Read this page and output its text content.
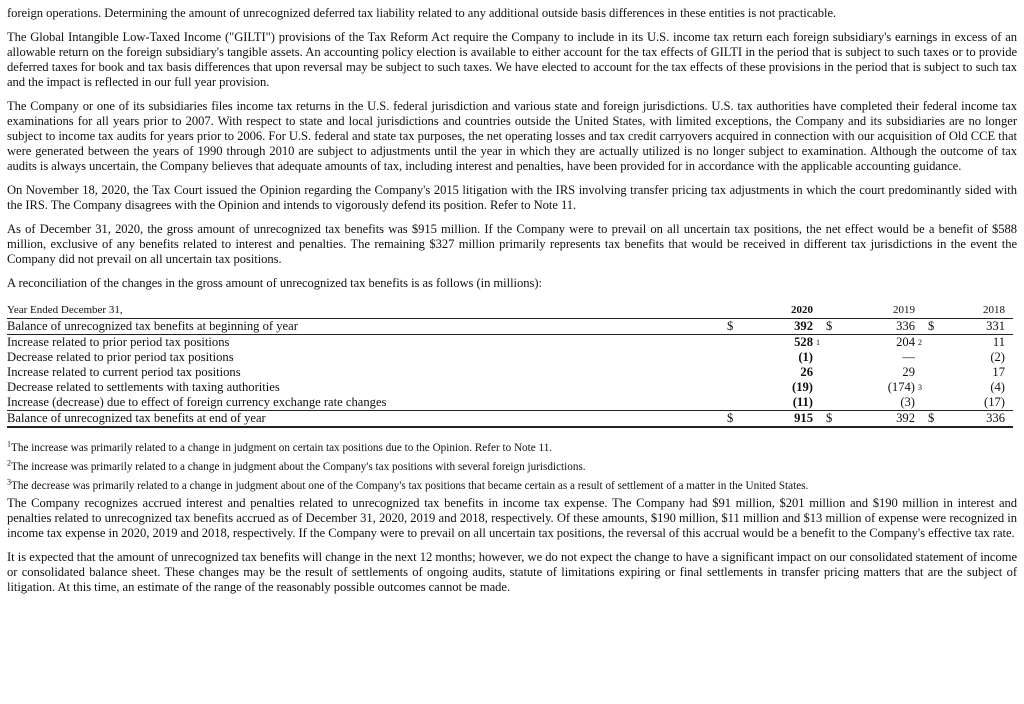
foreign operations. Determining the amount of unrecognized deferred tax liability related to any additional outside basis differences in these entities is not practicable.

The Global Intangible Low-Taxed Income ("GILTI") provisions of the Tax Reform Act require the Company to include in its U.S. income tax return each foreign subsidiary's earnings in excess of an allowable return on the foreign subsidiary's tangible assets. An accounting policy election is available to either account for the tax effects of GILTI in the period that is subject to such taxes or to provide deferred taxes for book and tax basis differences that upon reversal may be subject to such taxes. We have elected to account for the tax effects of these provisions in the period that is subject to such tax and the impact is reflected in our full year provision.

The Company or one of its subsidiaries files income tax returns in the U.S. federal jurisdiction and various state and foreign jurisdictions. U.S. tax authorities have completed their federal income tax examinations for all years prior to 2007. With respect to state and local jurisdictions and countries outside the United States, with limited exceptions, the Company and its subsidiaries are no longer subject to income tax audits for years prior to 2006. For U.S. federal and state tax purposes, the net operating losses and tax credit carryovers acquired in connection with our acquisition of Old CCE that were generated between the years of 1990 through 2010 are subject to adjustments until the year in which they are actually utilized is no longer subject to examination. Although the outcome of tax audits is always uncertain, the Company believes that adequate amounts of tax, including interest and penalties, have been provided for in accordance with the applicable accounting guidance.

On November 18, 2020, the Tax Court issued the Opinion regarding the Company's 2015 litigation with the IRS involving transfer pricing tax adjustments in which the court predominantly sided with the IRS. The Company disagrees with the Opinion and intends to vigorously defend its position. Refer to Note 11.

As of December 31, 2020, the gross amount of unrecognized tax benefits was $915 million. If the Company were to prevail on all uncertain tax positions, the net effect would be a benefit of $588 million, exclusive of any benefits related to interest and penalties. The remaining $327 million primarily represents tax benefits that would be received in different tax jurisdictions in the event the Company did not prevail on all uncertain tax positions.

A reconciliation of the changes in the gross amount of unrecognized tax benefits is as follows (in millions):

Year Ended December 31,	2020	2019	2018
Balance of unrecognized tax benefits at beginning of year	$	392 $	336 $	331
Increase related to prior period tax positions	528 1	204 2	11
Decrease related to prior period tax positions	(1)	—	(2)
Increase related to current period tax positions	26	29	17
Decrease related to settlements with taxing authorities	(19)	(174) 3	(4)
Increase (decrease) due to effect of foreign currency exchange rate changes	(11)	(3)	(17)
Balance of unrecognized tax benefits at end of year	$	915 $	392 $	336
$^1$The increase was primarily related to a change in judgment on certain tax positions due to the Opinion. Refer to Note 11.
$^2$The increase was primarily related to a change in judgment about the Company's tax positions with several foreign jurisdictions.
$^3$The decrease was primarily related to a change in judgment about one of the Company's tax positions that became certain as a result of settlement of a matter in the United States.

The Company recognizes accrued interest and penalties related to unrecognized tax benefits in income tax expense. The Company had $91 million, $201 million and $190 million in interest and penalties related to unrecognized tax benefits accrued as of December 31, 2020, 2019 and 2018, respectively. Of these amounts, $190 million, $11 million and $13 million of expense were recognized in income tax expense in 2020, 2019 and 2018, respectively. If the Company were to prevail on all uncertain tax positions, the reversal of this accrual would be a benefit to the Company's effective tax rate.

It is expected that the amount of unrecognized tax benefits will change in the next 12 months; however, we do not expect the change to have a significant impact on our consolidated statement of income or consolidated balance sheet. These changes may be the result of settlements of ongoing audits, statute of limitations expiring or final settlements in transfer pricing matters that are the subject of litigation. At this time, an estimate of the range of the reasonably possible outcomes cannot be made.
